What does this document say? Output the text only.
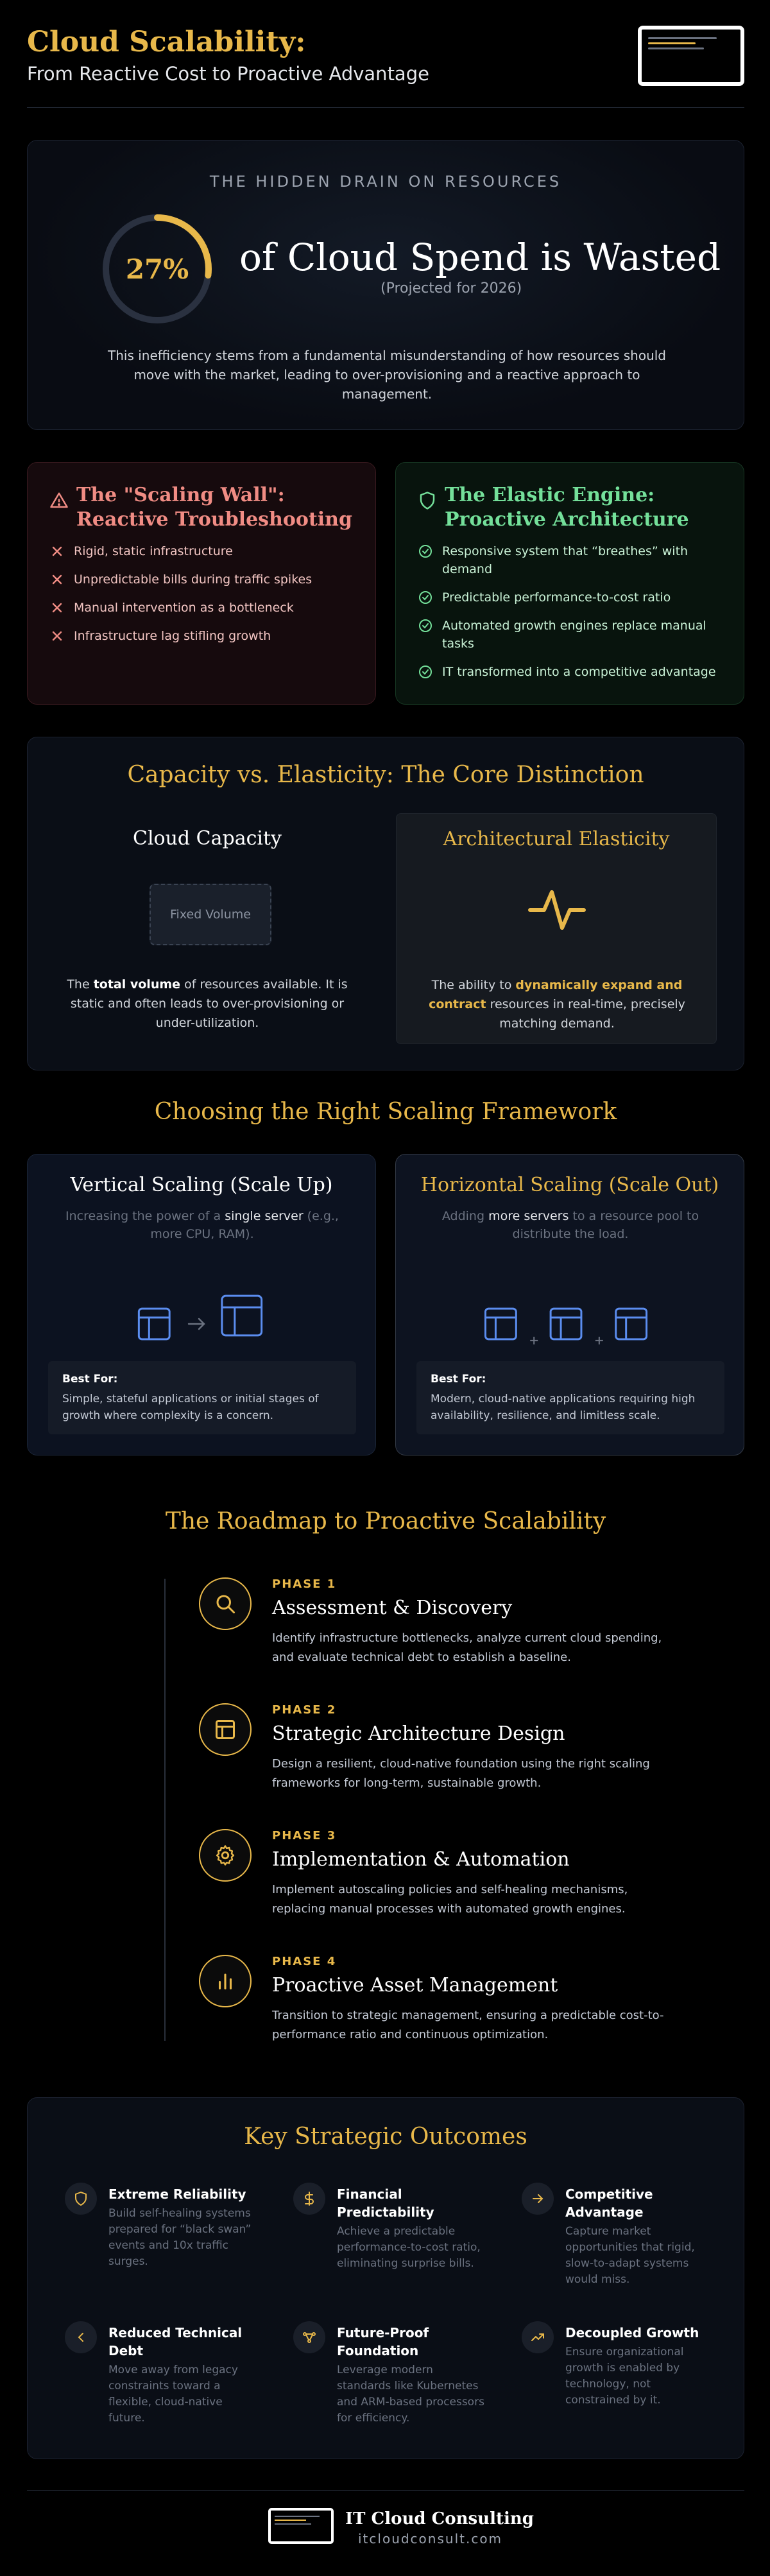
Cloud Scalability:
From Reactive Cost to Proactive Advantage
THE HIDDEN DRAIN ON RESOURCES
27%	of Cloud Spend is Wasted
(Projected for 2026)
This inefficiency stems from a fundamental misunderstanding of how resources should move with the market, leading to over-provisioning and a reactive approach to management.
The "Scaling Wall": Reactive Troubleshooting
Rigid, static infrastructure
Unpredictable bills during traffic spikes
Manual intervention as a bottleneck
Infrastructure lag stifling growth
The Elastic Engine: Proactive Architecture
Responsive system that “breathes” with demand
Predictable performance-to-cost ratio
Automated growth engines replace manual tasks
IT transformed into a competitive advantage
Capacity vs. Elasticity: The Core Distinction
Cloud Capacity
Fixed Volume
The total volume of resources available. It is static and often leads to over-provisioning or under-utilization.
Architectural Elasticity
The ability to dynamically expand and contract resources in real-time, precisely matching demand.
Choosing the Right Scaling Framework
Vertical Scaling (Scale Up)
Increasing the power of a single server (e.g., more CPU, RAM).
Best For:
Simple, stateful applications or initial stages of growth where complexity is a concern.
Horizontal Scaling (Scale Out)
Adding more servers to a resource pool to distribute the load.
Best For:
Modern, cloud-native applications requiring high availability, resilience, and limitless scale.
The Roadmap to Proactive Scalability
PHASE 1
Assessment & Discovery
Identify infrastructure bottlenecks, analyze current cloud spending, and evaluate technical debt to establish a baseline.
PHASE 2
Strategic Architecture Design
Design a resilient, cloud-native foundation using the right scaling frameworks for long-term, sustainable growth.
PHASE 3
Implementation & Automation
Implement autoscaling policies and self-healing mechanisms, replacing manual processes with automated growth engines.
PHASE 4
Proactive Asset Management
Transition to strategic management, ensuring a predictable cost-to-performance ratio and continuous optimization.
Key Strategic Outcomes
Extreme Reliability
Build self-healing systems prepared for “black swan” events and 10x traffic surges.
Financial Predictability
Achieve a predictable performance-to-cost ratio, eliminating surprise bills.
Competitive Advantage
Capture market opportunities that rigid, slow-to-adapt systems would miss.
Reduced Technical Debt
Move away from legacy constraints toward a flexible, cloud-native future.
Future-Proof Foundation
Leverage modern standards like Kubernetes and ARM-based processors for efficiency.
Decoupled Growth
Ensure organizational growth is enabled by technology, not constrained by it.
IT Cloud Consulting
itcloudconsult.com
